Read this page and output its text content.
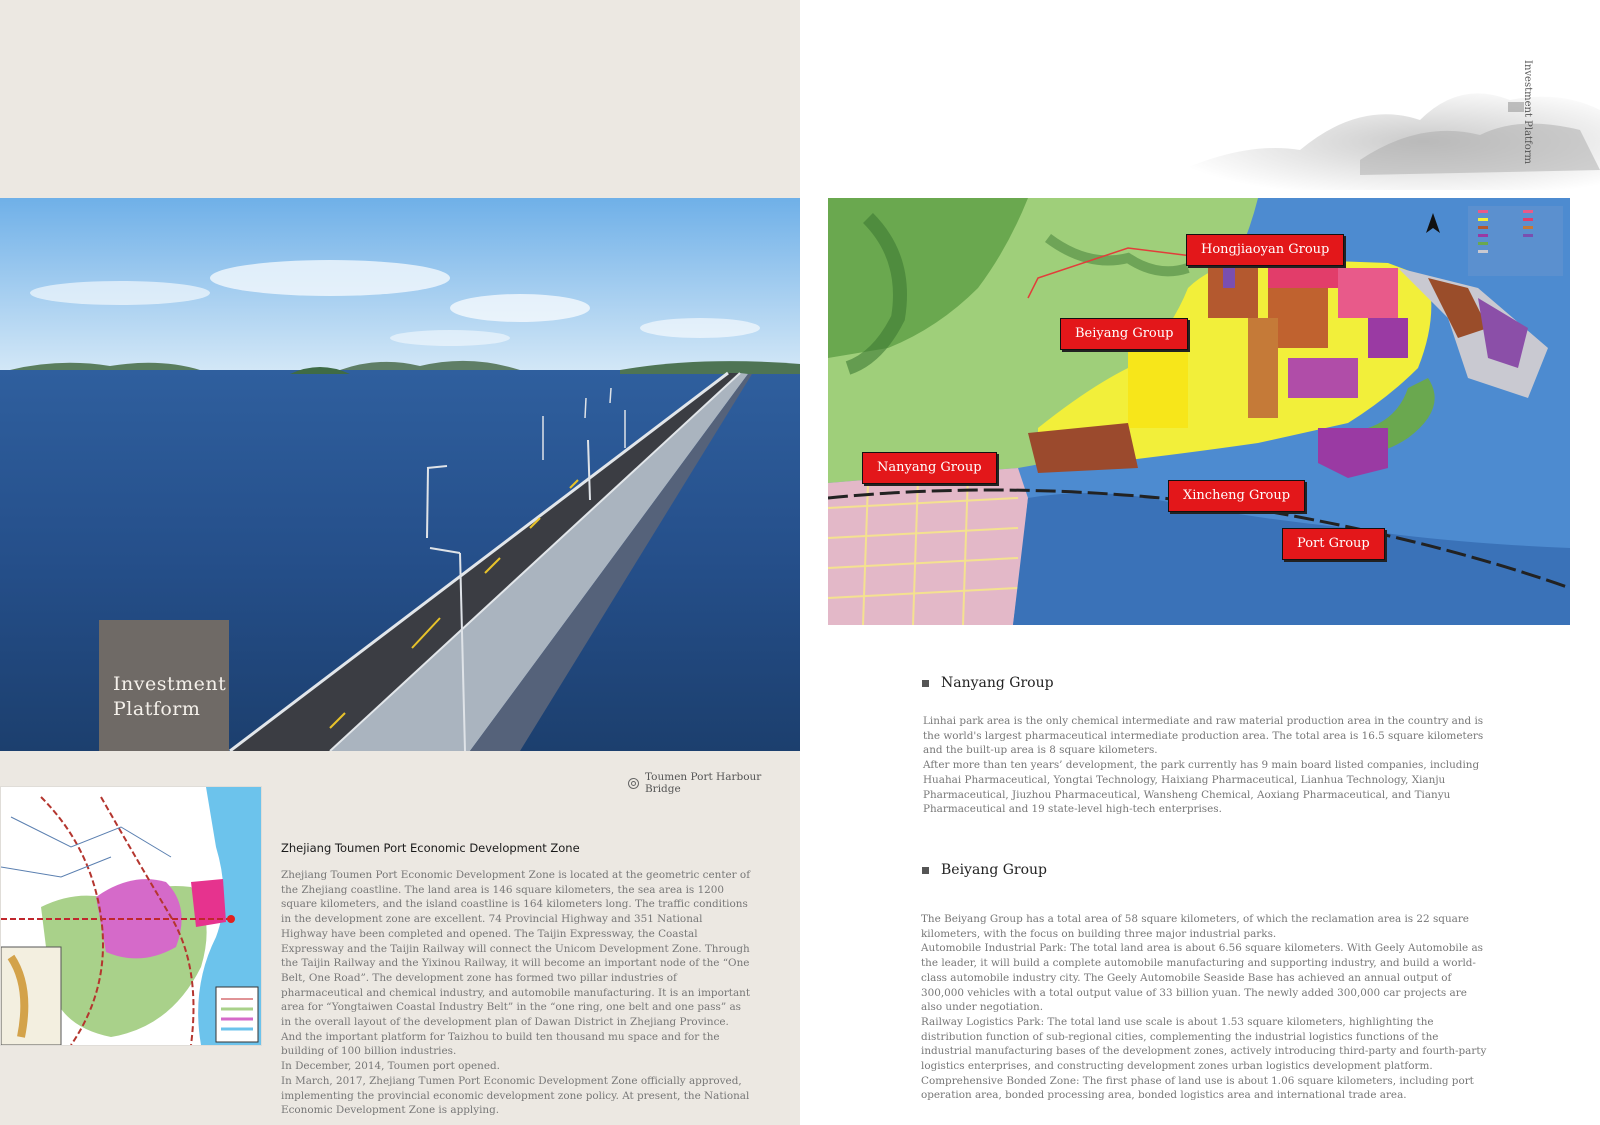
Investment
Platform
Toumen Port Harbour Bridge
Zhejiang Toumen Port Economic Development Zone

Zhejiang Toumen Port Economic Development Zone is located at the geometric center of the Zhejiang coastline. The land area is 146 square kilometers, the sea area is 1200 square kilometers, and the island coastline is 164 kilometers long. The traffic conditions in the development zone are excellent. 74 Provincial Highway and 351 National Highway have been completed and opened. The Taijin Expressway, the Coastal Expressway and the Taijin Railway will connect the Unicom Development Zone. Through the Taijin Railway and the Yixinou Railway, it will become an important node of the “One Belt, One Road”. The development zone has formed two pillar industries of pharmaceutical and chemical industry, and automobile manufacturing. It is an important area for “Yongtaiwen Coastal Industry Belt” in the “one ring, one belt and one pass” as in the overall layout of the development plan of Dawan District in Zhejiang Province. And the important platform for Taizhou to build ten thousand mu space and for the building of 100 billion industries.

In December, 2014, Toumen port opened.

In March, 2017, Zhejiang Tumen Port Economic Development Zone officially approved, implementing the provincial economic development zone policy. At present, the National Economic Development Zone is applying.

Investment Platform
Hongjiaoyan Group
Beiyang Group
Nanyang Group
Xincheng Group
Port Group
Nanyang Group

Linhai park area is the only chemical intermediate and raw material production area in the country and is the world's largest pharmaceutical intermediate production area. The total area is 16.5 square kilometers and the built-up area is 8 square kilometers.

After more than ten years’ development, the park currently has 9 main board listed companies, including Huahai Pharmaceutical, Yongtai Technology, Haixiang Pharmaceutical, Lianhua Technology, Xianju Pharmaceutical, Jiuzhou Pharmaceutical, Wansheng Chemical, Aoxiang Pharmaceutical, and Tianyu Pharmaceutical and 19 state-level high-tech enterprises.

Beiyang Group

The Beiyang Group has a total area of 58 square kilometers, of which the reclamation area is 22 square kilometers, with the focus on building three major industrial parks.

Automobile Industrial Park: The total land area is about 6.56 square kilometers. With Geely Automobile as the leader, it will build a complete automobile manufacturing and supporting industry, and build a world-class automobile industry city. The Geely Automobile Seaside Base has achieved an annual output of 300,000 vehicles with a total output value of 33 billion yuan. The newly added 300,000 car projects are also under negotiation.

Railway Logistics Park: The total land use scale is about 1.53 square kilometers, highlighting the distribution function of sub-regional cities, complementing the industrial logistics functions of the industrial manufacturing bases of the development zones, actively introducing third-party and fourth-party logistics enterprises, and constructing development zones urban logistics development platform.

Comprehensive Bonded Zone: The first phase of land use is about 1.06 square kilometers, including port operation area, bonded processing area, bonded logistics area and international trade area.
